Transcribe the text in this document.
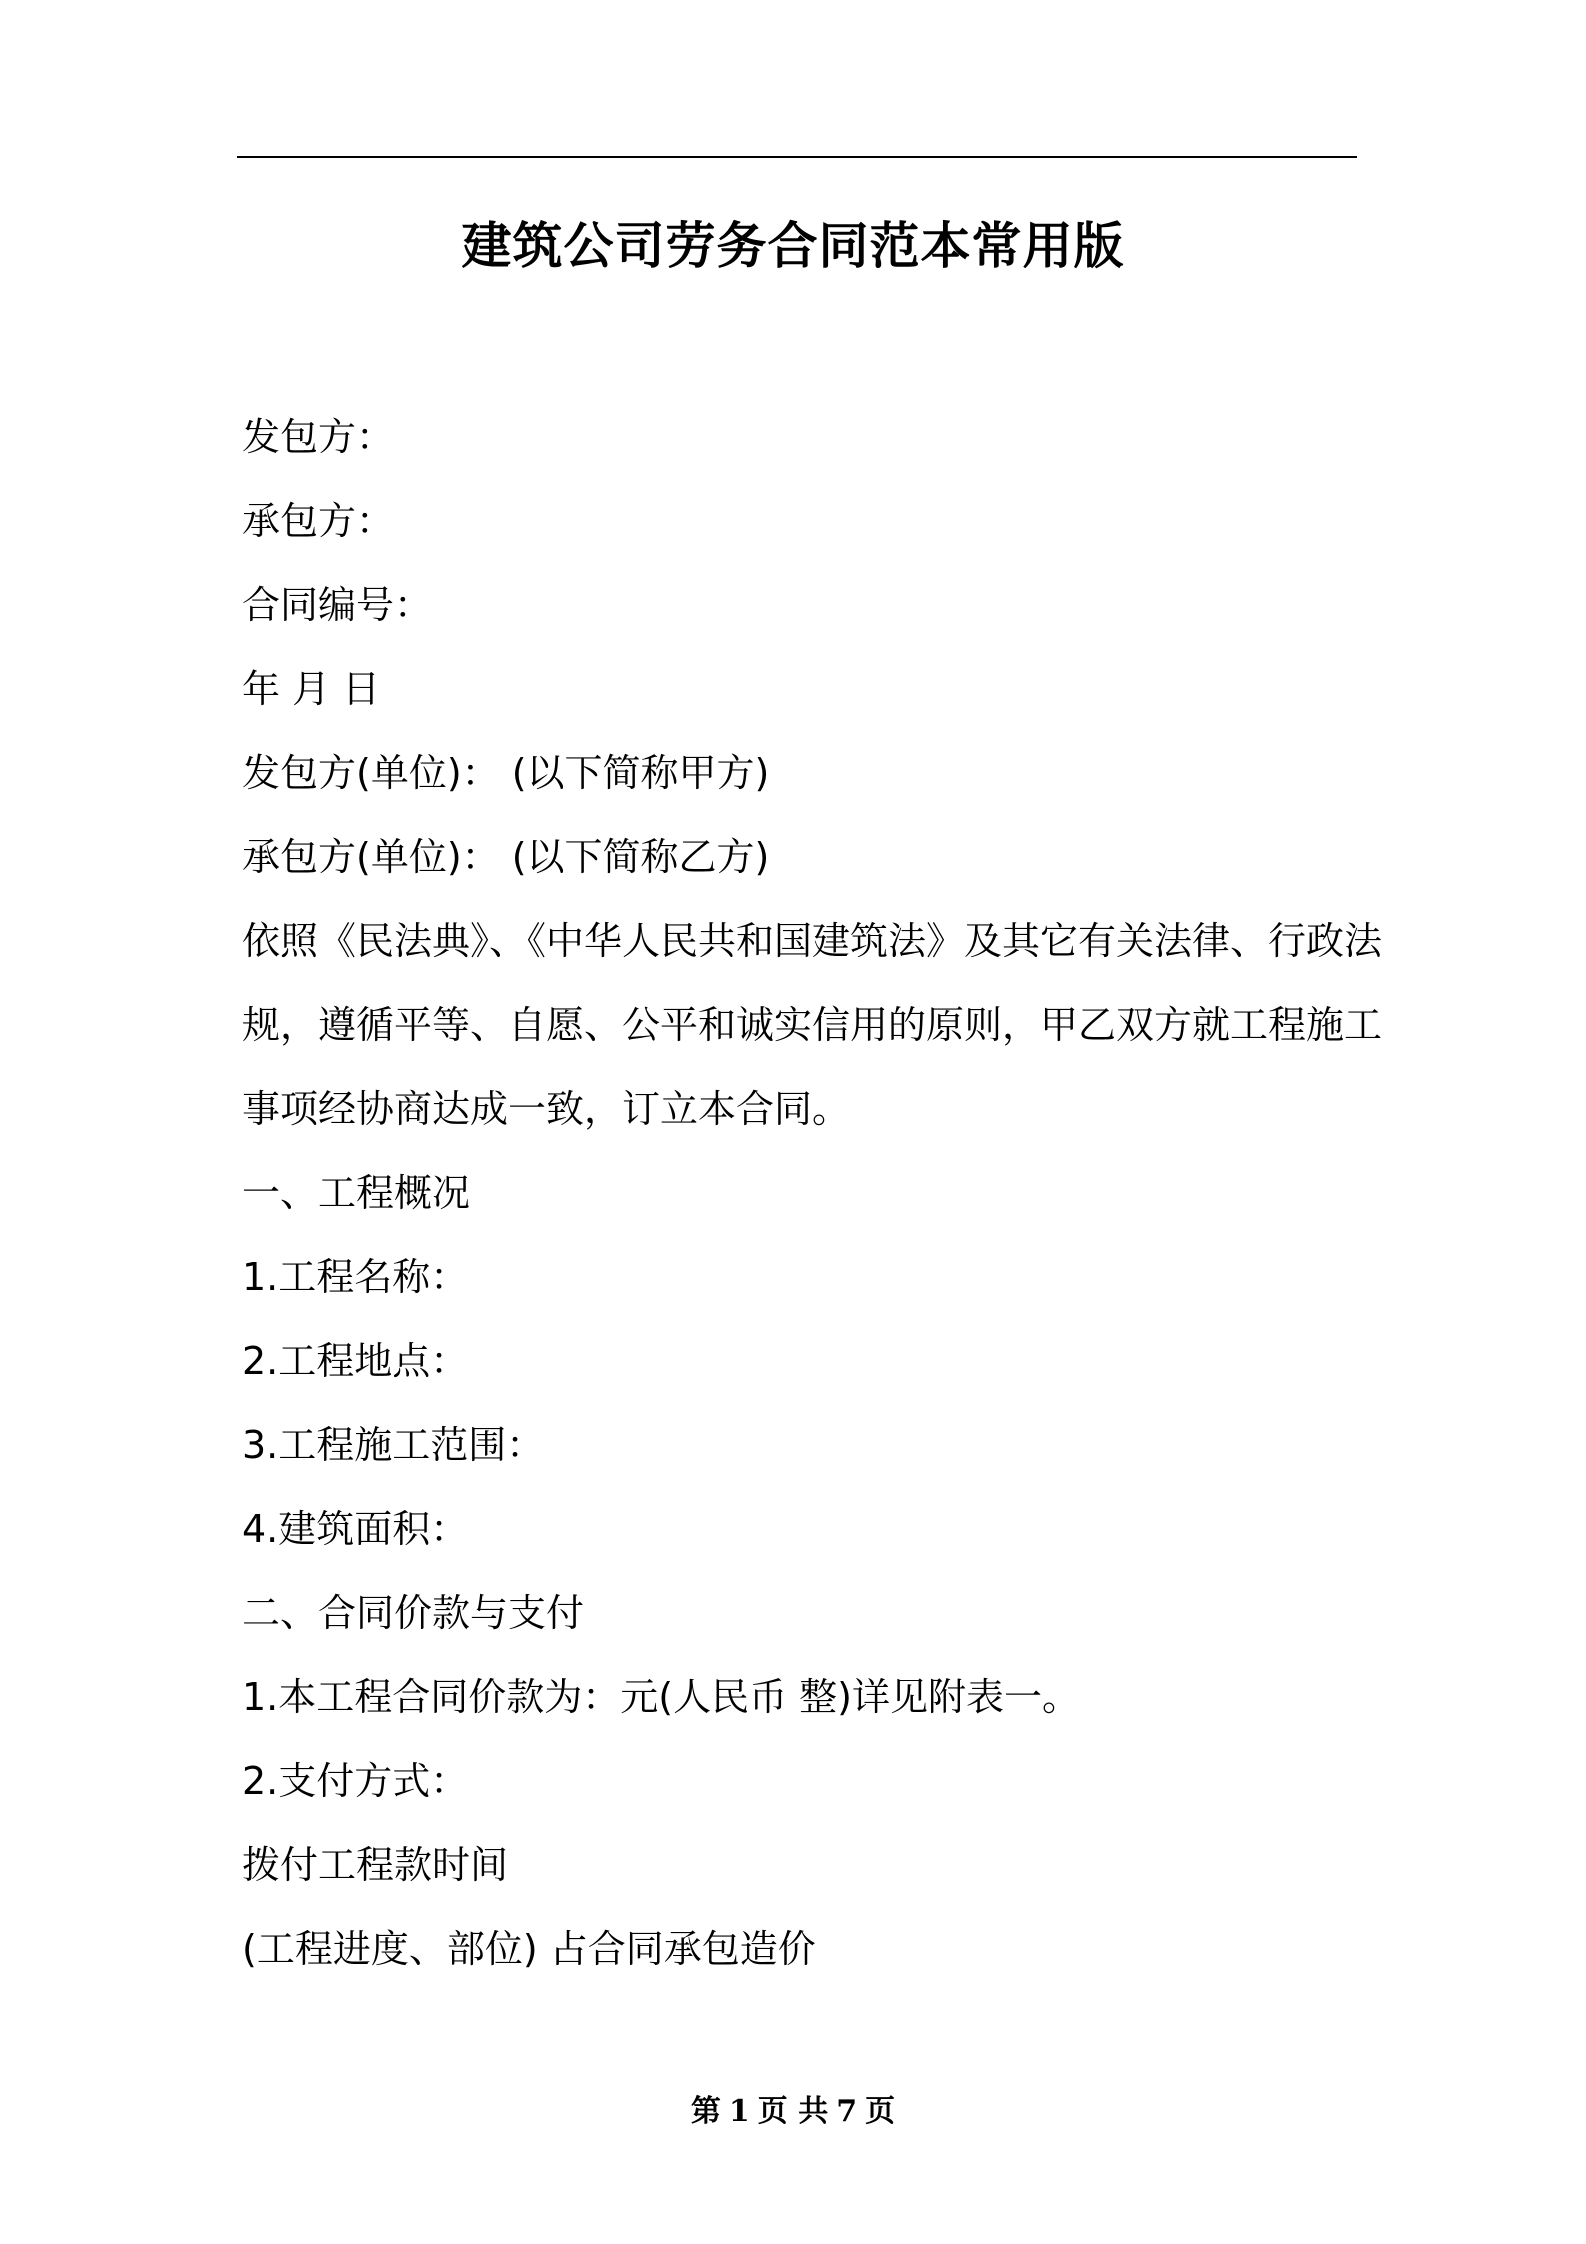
建筑公司劳务合同范本常用版
发包方：
承包方：
合同编号：
年 月 日
发包方(单位)： (以下简称甲方)
承包方(单位)： (以下简称乙方)
依照《民法典》、《中华人民共和国建筑法》及其它有关法律、行政法
规，遵循平等、自愿、公平和诚实信用的原则，甲乙双方就工程施工
事项经协商达成一致，订立本合同。
一、工程概况
1.工程名称：
2.工程地点：
3.工程施工范围：
4.建筑面积：
二、合同价款与支付
1.本工程合同价款为：元(人民币 整)详见附表一。
2.支付方式：
拨付工程款时间
(工程进度、部位) 占合同承包造价
第 1 页 共 7 页
